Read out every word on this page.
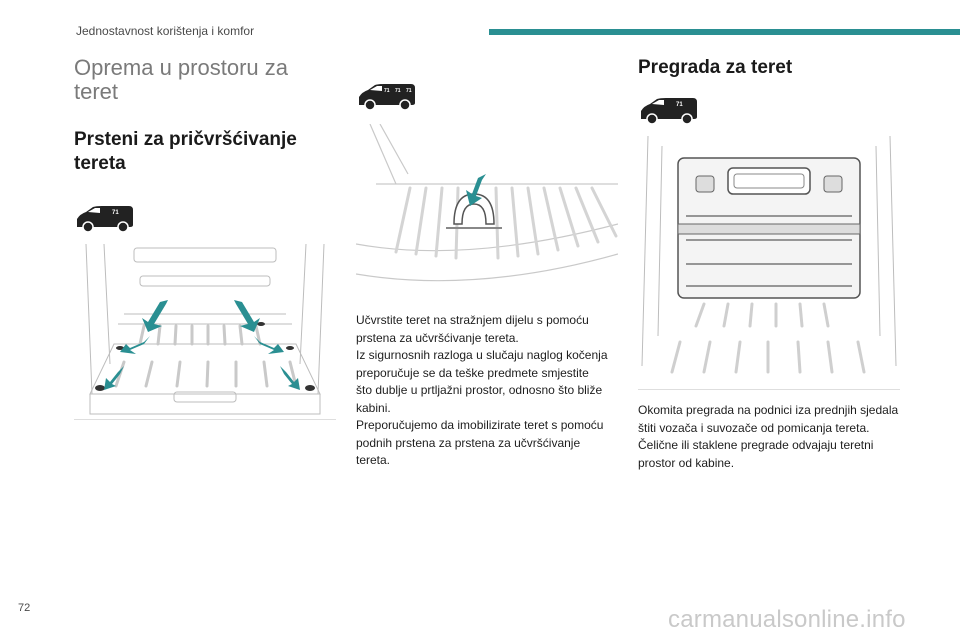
Jednostavnost korištenja i komfor
Oprema u prostoru za teret
Prsteni za pričvršćivanje tereta
71
71 71 71

Učvrstite teret na stražnjem dijelu s pomoću
prstena za učvršćivanje tereta.
Iz sigurnosnih razloga u slučaju naglog kočenja
preporučuje se da teške predmete smjestite
što dublje u prtljažni prostor, odnosno što bliže
kabini.
Preporučujemo da imobilizirate teret s pomoću
podnih prstena za prstena za učvršćivanje
tereta.

Pregrada za teret
71

Okomita pregrada na podnici iza prednjih sjedala
štiti vozača i suvozače od pomicanja tereta.
Čelične ili staklene pregrade odvajaju teretni
prostor od kabine.

72	carmanualsonline.info
